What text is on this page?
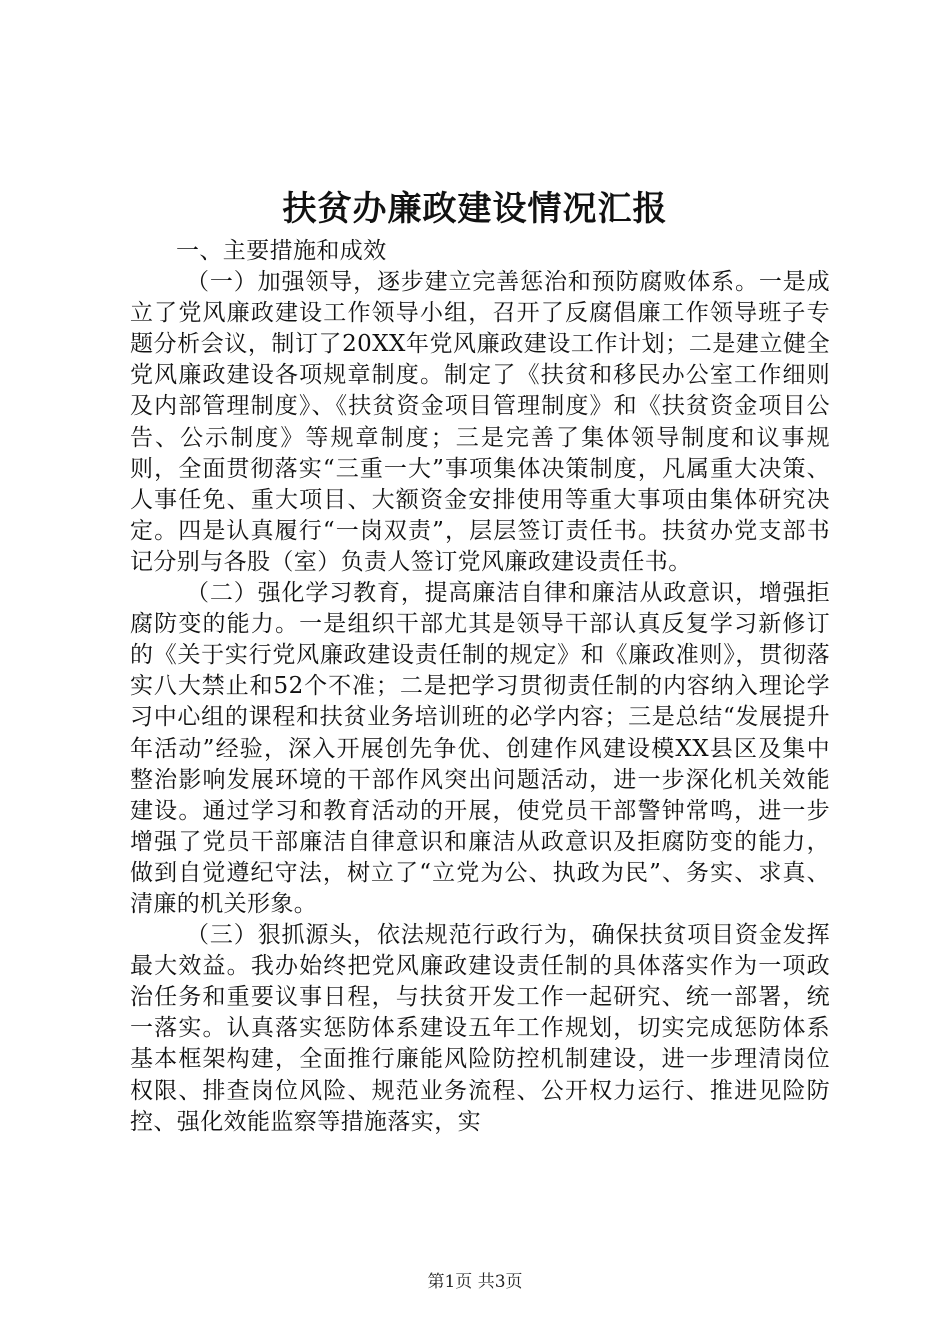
扶贫办廉政建设情况汇报

一、主要措施和成效

（一）加强领导，逐步建立完善惩治和预防腐败体系。一是成立了党风廉政建设工作领导小组，召开了反腐倡廉工作领导班子专题分析会议，制订了20XX年党风廉政建设工作计划；二是建立健全党风廉政建设各项规章制度。制定了《扶贫和移民办公室工作细则及内部管理制度》、《扶贫资金项目管理制度》和《扶贫资金项目公告、公示制度》等规章制度；三是完善了集体领导制度和议事规则，全面贯彻落实“三重一大”事项集体决策制度，凡属重大决策、人事任免、重大项目、大额资金安排使用等重大事项由集体研究决定。四是认真履行“一岗双责”，层层签订责任书。扶贫办党支部书记分别与各股（室）负责人签订党风廉政建设责任书。

（二）强化学习教育，提高廉洁自律和廉洁从政意识，增强拒腐防变的能力。一是组织干部尤其是领导干部认真反复学习新修订的《关于实行党风廉政建设责任制的规定》和《廉政准则》，贯彻落实八大禁止和52个不准；二是把学习贯彻责任制的内容纳入理论学习中心组的课程和扶贫业务培训班的必学内容；三是总结“发展提升年活动”经验，深入开展创先争优、创建作风建设模XX县区及集中整治影响发展环境的干部作风突出问题活动，进一步深化机关效能建设。通过学习和教育活动的开展，使党员干部警钟常鸣，进一步增强了党员干部廉洁自律意识和廉洁从政意识及拒腐防变的能力，做到自觉遵纪守法，树立了“立党为公、执政为民”、务实、求真、清廉的机关形象。

（三）狠抓源头，依法规范行政行为，确保扶贫项目资金发挥最大效益。我办始终把党风廉政建设责任制的具体落实作为一项政治任务和重要议事日程，与扶贫开发工作一起研究、统一部署，统一落实。认真落实惩防体系建设五年工作规划，切实完成惩防体系基本框架构建，全面推行廉能风险防控机制建设，进一步理清岗位权限、排查岗位风险、规范业务流程、公开权力运行、推进见险防控、强化效能监察等措施落实，实

第1页 共3页
